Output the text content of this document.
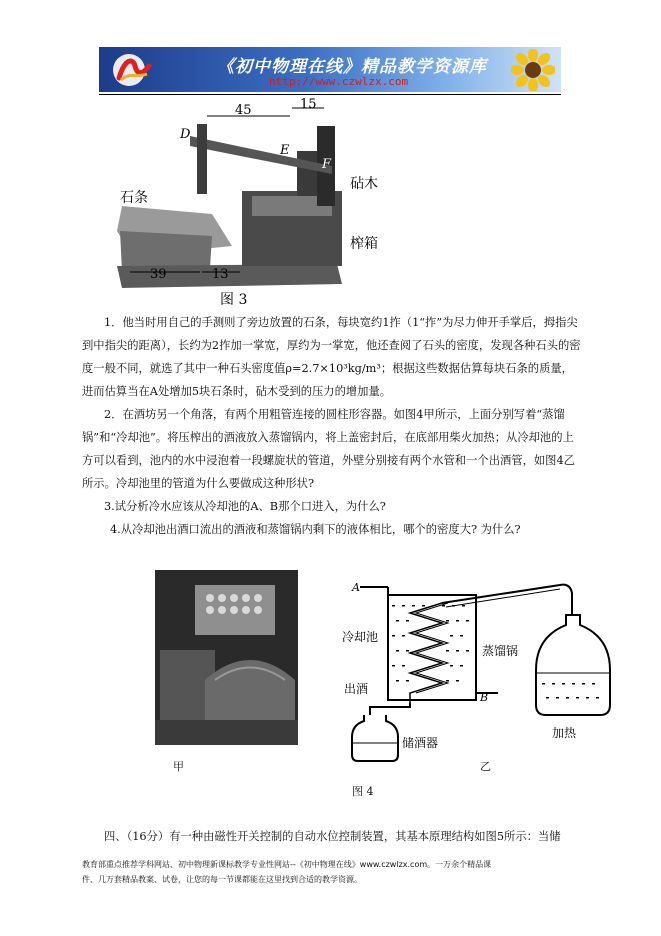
《初中物理在线》精品教学资源库
http://www.czwlzx.com
45	15
39	13
D
E
F
石条
砧木
榨箱
图 3

1．他当时用自己的手测则了旁边放置的石条，每块宽约1拃（1“拃”为尽力伸开手掌后，拇指尖到中指尖的距离），长约为2拃加一掌宽，厚约为一掌宽，他还查阅了石头的密度，发现各种石头的密度一般不同，就选了其中一种石头密度值ρ=2.7×10³kg/m³；根据这些数据估算每块石条的质量，进而估算当在A处增加5块石条时，砧木受到的压力的增加量。

2．在酒坊另一个角落，有两个用粗管连接的圆柱形容器。如图4甲所示，上面分别写着“蒸馏锅”和“冷却池”。将压榨出的酒液放入蒸馏锅内，将上盖密封后，在底部用柴火加热；从冷却池的上方可以看到，池内的水中浸泡着一段螺旋状的管道，外壁分别接有两个水管和一个出酒管，如图4乙所示。冷却池里的管道为什么要做成这种形状?

3.试分析冷水应该从冷却池的A、B那个口进入，为什么?

4.从冷却池出酒口流出的酒液和蒸馏锅内剩下的液体相比，哪个的密度大? 为什么?

甲
A
B
冷却池
出酒
储酒器
蒸馏锅
加热
乙
图 4

四、（16分）有一种由磁性开关控制的自动水位控制装置，其基本原理结构如图5所示：当储

教育部重点推荐学科网站、初中物理新课标教学专业性网站--《初中物理在线》www.czwlzx.com。一万余个精品课
件、几万套精品教案、试卷，让您的每一节课都能在这里找到合适的教学资源。
